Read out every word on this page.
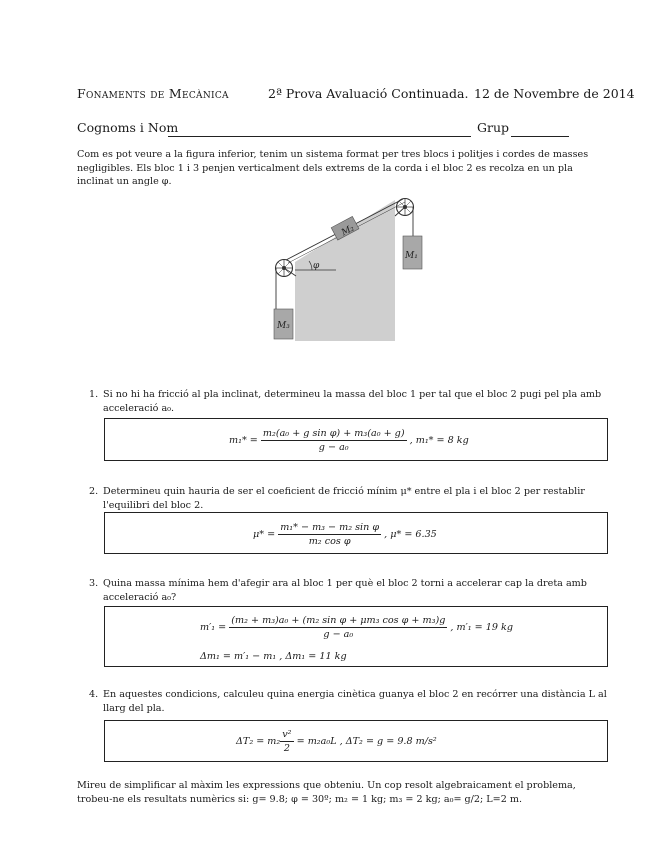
Fonaments de Mecànica	2ª Prova Avaluació Continuada. 12 de Novembre de 2014
Cognoms i Nom	Grup
Com es pot veure a la figura inferior, tenim un sistema format per tres blocs i politjes i cordes de masses negligibles. Els bloc 1 i 3 penjen verticalment dels extrems de la corda i el bloc 2 es recolza en un pla inclinat un angle φ.
M₂
M₁
M₃
φ
1. Si no hi ha fricció al pla inclinat, determineu la massa del bloc 1 per tal que el bloc 2 pugi pel pla amb acceleració a₀.
m₁* =
$\frac{\text{m₂(a₀ + g sin φ) + m₃(a₀ + g)}}{\text{g − a₀}}$
, m₁* = 8 kg
2. Determineu quin hauria de ser el coeficient de fricció mínim μ* entre el pla i el bloc 2 per restablir l'equilibri del bloc 2.
μ* =
$\frac{\text{m₁* − m₃ − m₂ sin φ}}{\text{m₂ cos φ}}$
, μ* = 6.35
3. Quina massa mínima hem d'afegir ara al bloc 1 per què el bloc 2 torni a accelerar cap la dreta amb acceleració a₀?
m′₁ =
$\frac{\text{(m₂ + m₃)a₀ + (m₂ sin φ + μm₃ cos φ + m₃)g}}{\text{g − a₀}}$
, m′₁ = 19 kg
Δm₁ = m′₁ − m₁ , Δm₁ = 11 kg
4. En aquestes condicions, calculeu quina energia cinètica guanya el bloc 2 en recórrer una distància L al llarg del pla.
$\Delta T_2 = m_2 \frac{\text{v²}}{2}$
= m₂a₀L , ΔT₂ = g = 9.8 m/s²
Mireu de simplificar al màxim les expressions que obteniu. Un cop resolt algebraicament el problema, trobeu-ne els resultats numèrics si: g= 9.8; φ = 30º; m₂ = 1 kg; m₃ = 2 kg; a₀= g/2; L=2 m.
